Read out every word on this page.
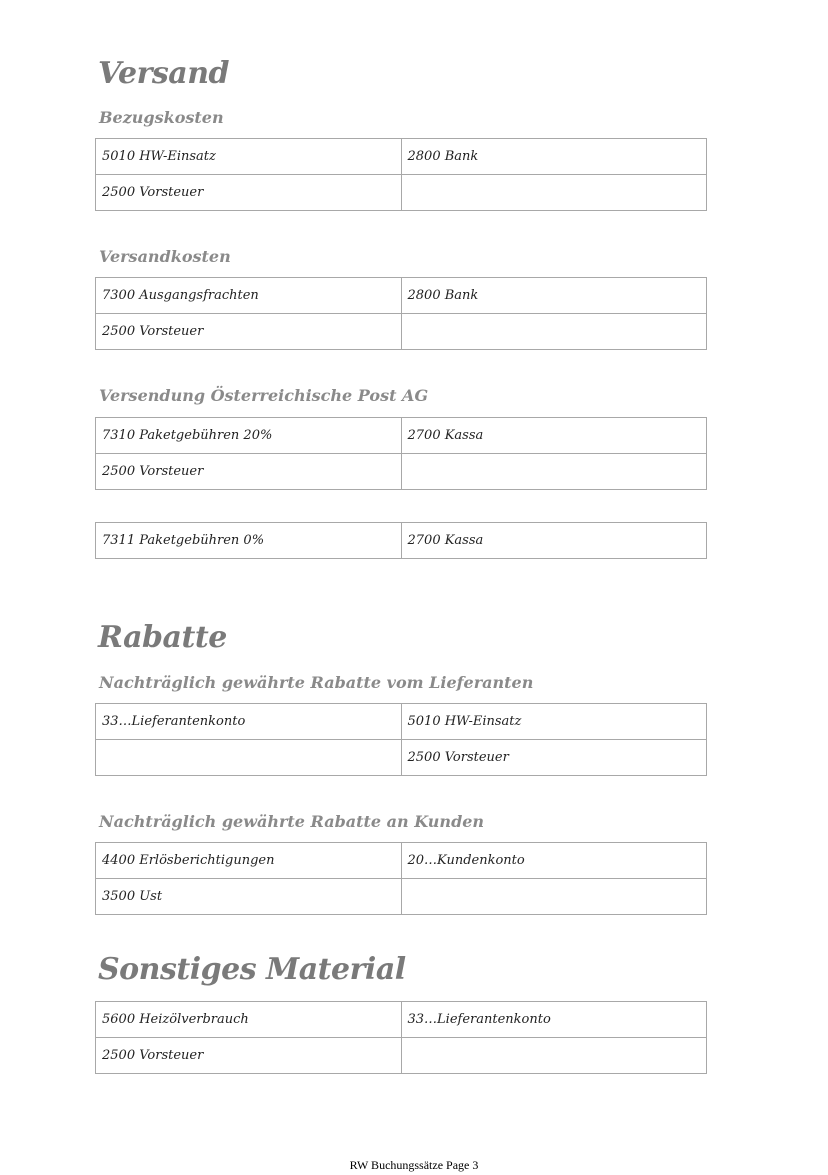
Versand
Bezugskosten
5010 HW-Einsatz	2800 Bank
2500 Vorsteuer	
Versandkosten
7300 Ausgangsfrachten	2800 Bank
2500 Vorsteuer	
Versendung Österreichische Post AG
7310 Paketgebühren 20%	2700 Kassa
2500 Vorsteuer	
7311 Paketgebühren 0%	2700 Kassa
Rabatte
Nachträglich gewährte Rabatte vom Lieferanten
33…Lieferantenkonto	5010 HW-Einsatz
	2500 Vorsteuer
Nachträglich gewährte Rabatte an Kunden
4400 Erlösberichtigungen	20…Kundenkonto
3500 Ust	
Sonstiges Material
5600 Heizölverbrauch	33…Lieferantenkonto
2500 Vorsteuer	
RW Buchungssätze Page 3
